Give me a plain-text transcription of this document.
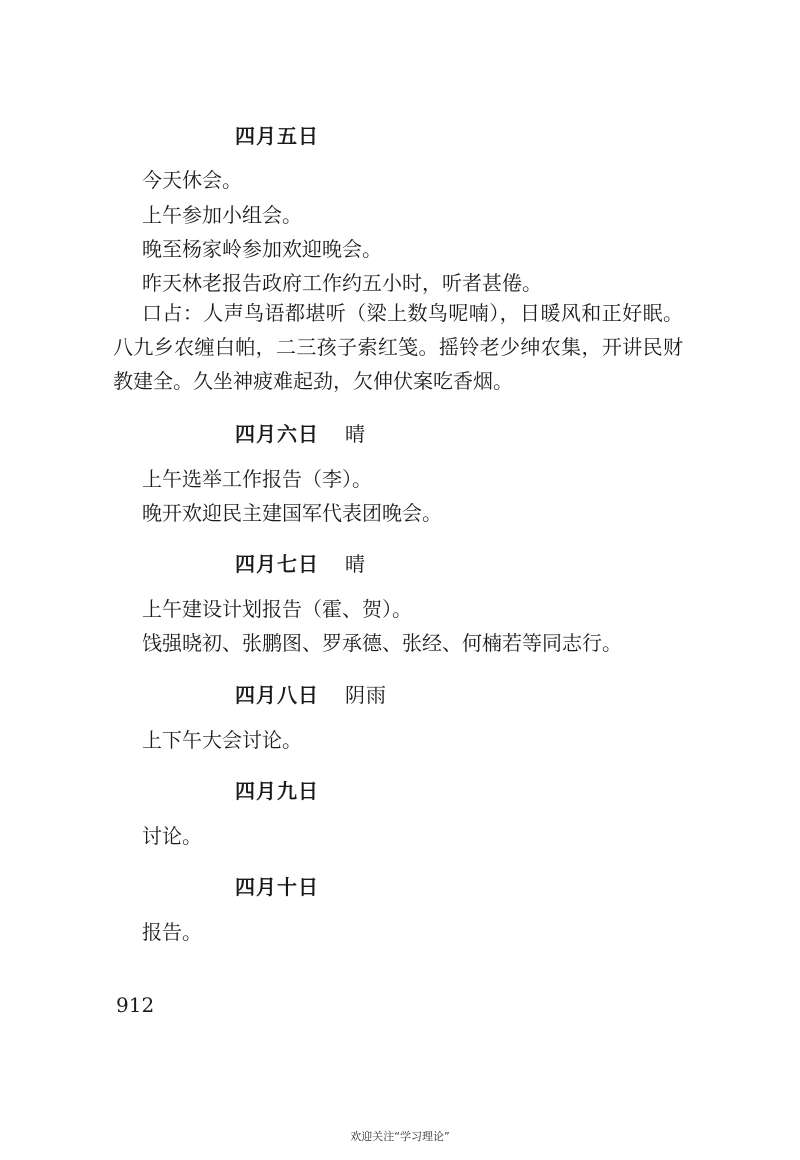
四月五日
今天休会。
上午参加小组会。
晚至杨家岭参加欢迎晚会。
昨天林老报告政府工作约五小时，听者甚倦。
口占：人声鸟语都堪听（梁上数鸟呢喃），日暖风和正好眠。八九乡农缠白帕，二三孩子索红笺。摇铃老少绅农集，开讲民财教建全。久坐神疲难起劲，欠伸伏案吃香烟。
四月六日 晴
上午选举工作报告（李）。
晚开欢迎民主建国军代表团晚会。
四月七日 晴
上午建设计划报告（霍、贺）。
饯强晓初、张鹏图、罗承德、张经、何楠若等同志行。
四月八日 阴雨
上下午大会讨论。
四月九日
讨论。
四月十日
报告。
912
欢迎关注“学习理论”
